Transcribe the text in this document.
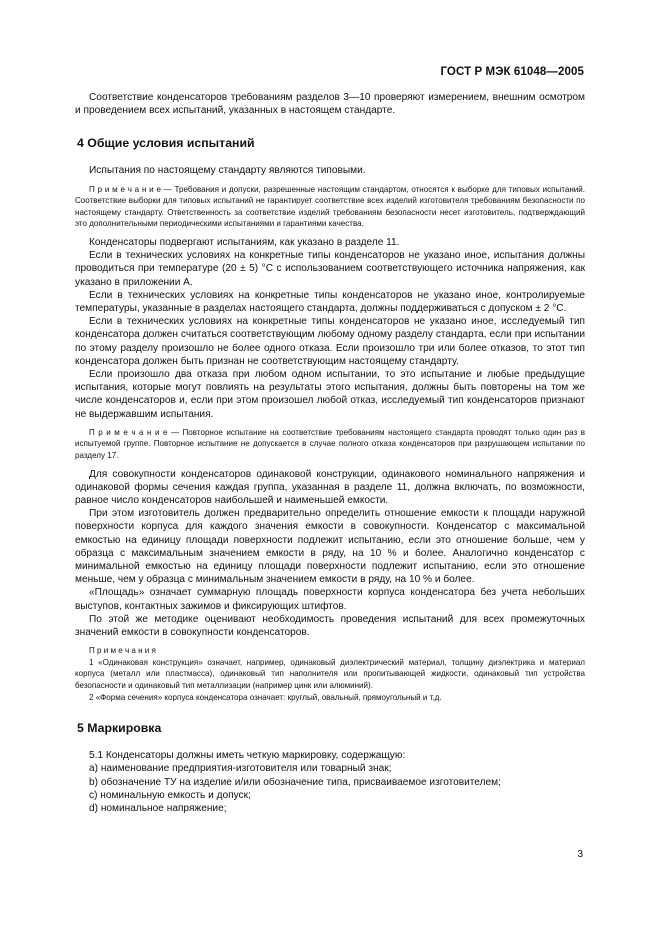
ГОСТ Р МЭК 61048—2005

Соответствие конденсаторов требованиям разделов 3—10 проверяют измерением, внешним осмотром и проведением всех испытаний, указанных в настоящем стандарте.

4 Общие условия испытаний

Испытания по настоящему стандарту являются типовыми.

П р и м е ч а н и е — Требования и допуски, разрешенные настоящим стандартом, относятся к выборке для типовых испытаний. Соответствие выборки для типовых испытаний не гарантирует соответствие всех изделий изготовителя требованиям безопасности по настоящему стандарту. Ответственность за соответствие изделий требованиям безопасности несет изготовитель, подтверждающий это дополнительными периодическими испытаниями и гарантиями качества.

Конденсаторы подвергают испытаниям, как указано в разделе 11.

Если в технических условиях на конкретные типы конденсаторов не указано иное, испытания должны проводиться при температуре (20 ± 5) °С с использованием соответствующего источника напряжения, как указано в приложении А.

Если в технических условиях на конкретные типы конденсаторов не указано иное, контролируемые температуры, указанные в разделах настоящего стандарта, должны поддерживаться с допуском ± 2 °С.

Если в технических условиях на конкретные типы конденсаторов не указано иное, исследуемый тип конденсатора должен считаться соответствующим любому одному разделу стандарта, если при испытании по этому разделу произошло не более одного отказа. Если произошло три или более отказов, то этот тип конденсатора должен быть признан не соответствующим настоящему стандарту.

Если произошло два отказа при любом одном испытании, то это испытание и любые предыдущие испытания, которые могут повлиять на результаты этого испытания, должны быть повторены на том же числе конденсаторов и, если при этом произошел любой отказ, исследуемый тип конденсаторов признают не выдержавшим испытания.

П р и м е ч а н и е — Повторное испытание на соответствие требованиям настоящего стандарта проводят только один раз в испытуемой группе. Повторное испытание не допускается в случае полного отказа конденсаторов при разрушающем испытании по разделу 17.

Для совокупности конденсаторов одинаковой конструкции, одинакового номинального напряжения и одинаковой формы сечения каждая группа, указанная в разделе 11, должна включать, по возможности, равное число конденсаторов наибольшей и наименьшей емкости.

При этом изготовитель должен предварительно определить отношение емкости к площади наружной поверхности корпуса для каждого значения емкости в совокупности. Конденсатор с максимальной емкостью на единицу площади поверхности подлежит испытанию, если это отношение больше, чем у образца с максимальным значением емкости в ряду, на 10 % и более. Аналогично конденсатор с минимальной емкостью на единицу площади поверхности подлежит испытанию, если это отношение меньше, чем у образца с минимальным значением емкости в ряду, на 10 % и более.

«Площадь» означает суммарную площадь поверхности корпуса конденсатора без учета небольших выступов, контактных зажимов и фиксирующих штифтов.

По этой же методике оценивают необходимость проведения испытаний для всех промежуточных значений емкости в совокупности конденсаторов.

П р и м е ч а н и я

1 «Одинаковая конструкция» означает, например, одинаковый диэлектрический материал, толщину диэлектрика и материал корпуса (металл или пластмасса), одинаковый тип наполнителя или пропитывающей жидкости, одинаковый тип устройства безопасности и одинаковый тип металлизации (например цинк или алюминий).

2 «Форма сечения» корпуса конденсатора означает: круглый, овальный, прямоугольный и т.д.

5 Маркировка

5.1 Конденсаторы должны иметь четкую маркировку, содержащую:

a) наименование предприятия-изготовителя или товарный знак;

b) обозначение ТУ на изделие и/или обозначение типа, присваиваемое изготовителем;

c) номинальную емкость и допуск;

d) номинальное напряжение;

3
